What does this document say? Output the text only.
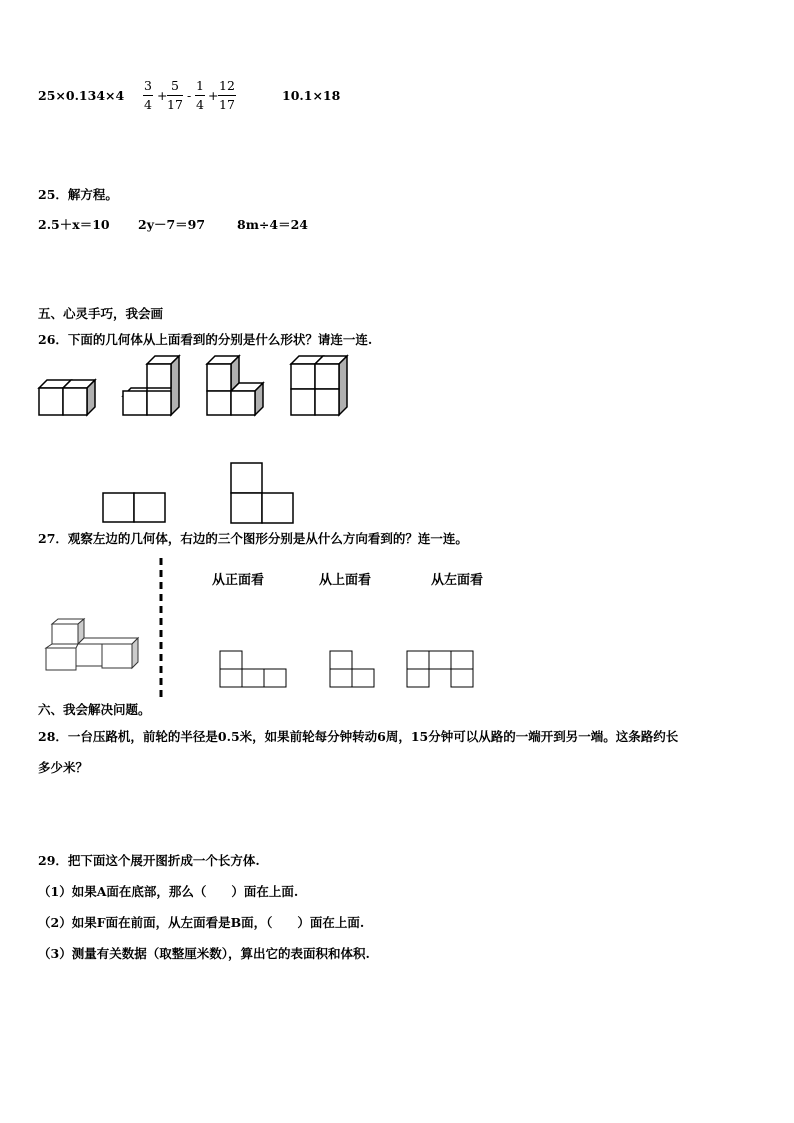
$25\times 0.134\times 4 \frac{3}{4} + \frac{5}{17} - \frac{1}{4} + \frac{12}{17}$	10.1×18
25．解方程。
2.5＋x＝10 2y－7＝97	8m÷4＝24
五、心灵手巧，我会画
26．下面的几何体从上面看到的分别是什么形状？请连一连.
27．观察左边的几何体，右边的三个图形分别是从什么方向看到的？连一连。
从正面看	从上面看	从左面看
六、我会解决问题。
28．一台压路机，前轮的半径是0.5米，如果前轮每分钟转动6周，15分钟可以从路的一端开到另一端。这条路约长
多少米？
29．把下面这个展开图折成一个长方体.
（1）如果A面在底部，那么（　　）面在上面.
（2）如果F面在前面，从左面看是B面，（　　）面在上面.
（3）测量有关数据（取整厘米数），算出它的表面积和体积.
